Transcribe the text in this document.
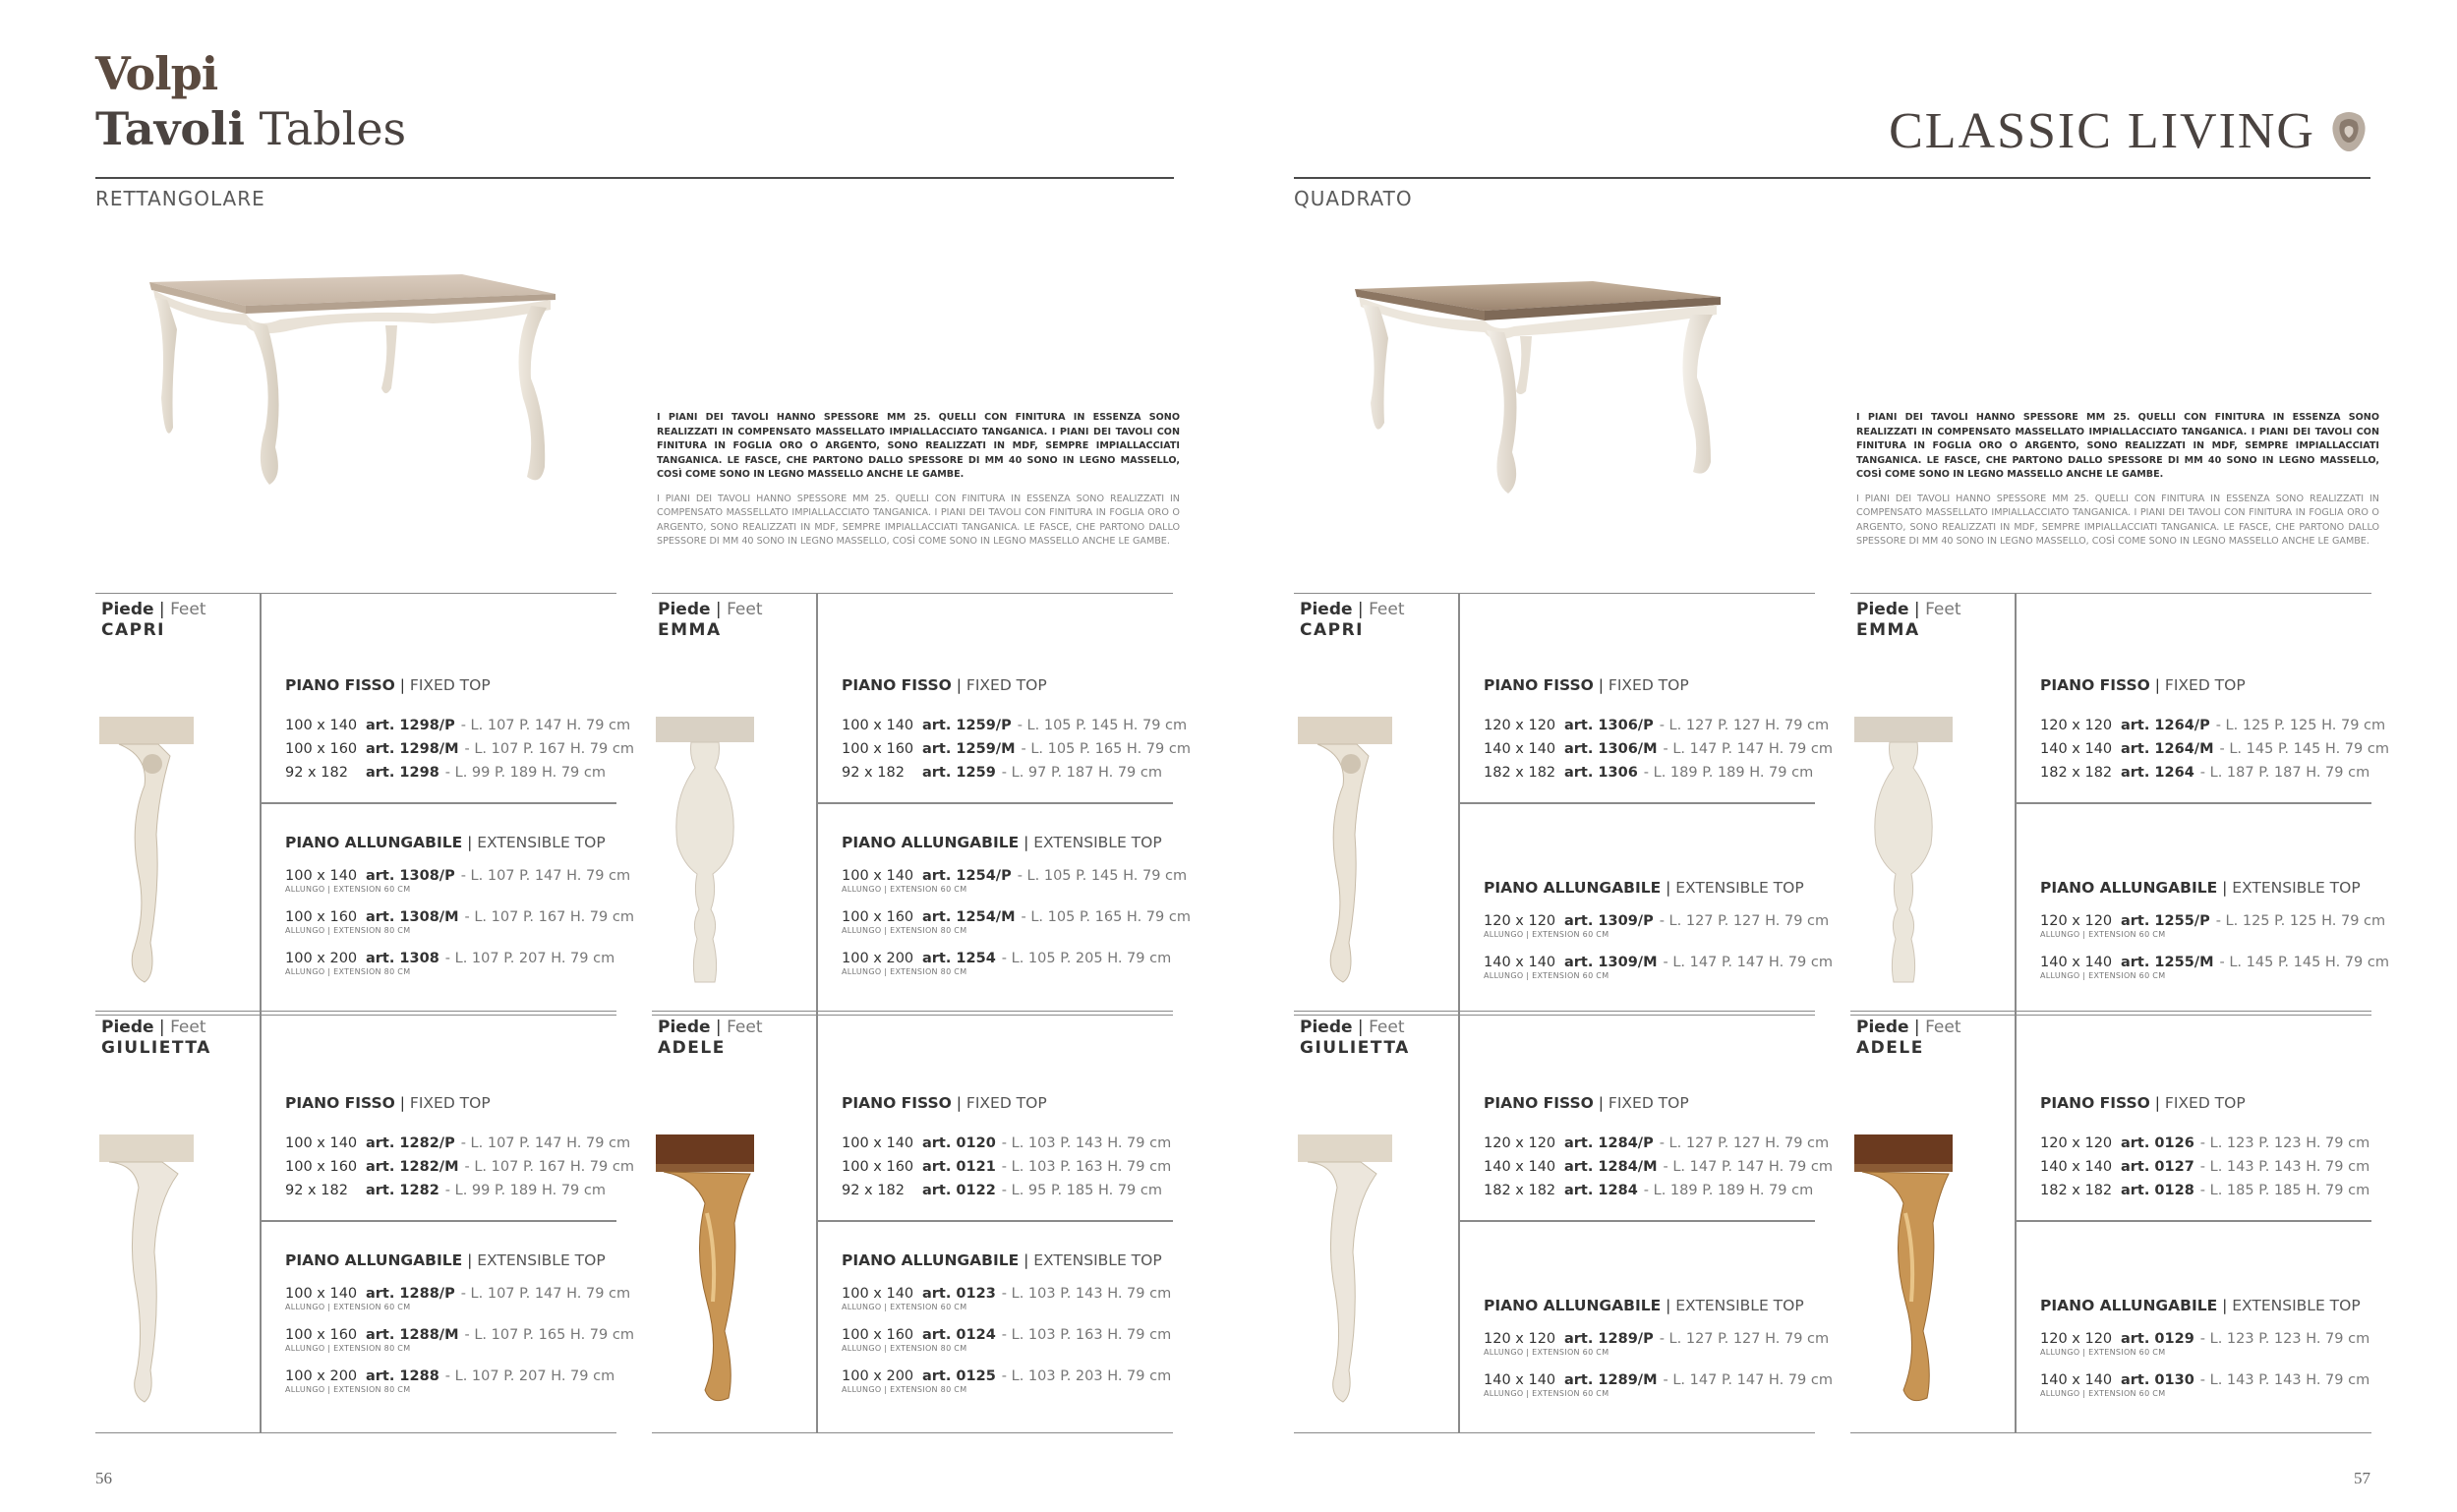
Volpi
Tavoli Tables	CLASSIC LIVING
RETTANGOLARE	QUADRATO

I PIANI DEI TAVOLI HANNO SPESSORE MM 25. QUELLI CON FINITURA IN ESSENZA SONO REALIZZATI IN COMPENSATO MASSELLATO IMPIALLACCIATO TANGANICA. I PIANI DEI TAVOLI CON FINITURA IN FOGLIA ORO O ARGENTO, SONO REALIZZATI IN MDF, SEMPRE IMPIALLACCIATI TANGANICA. LE FASCE, CHE PARTONO DALLO SPESSORE DI MM 40 SONO IN LEGNO MASSELLO, COSÌ COME SONO IN LEGNO MASSELLO ANCHE LE GAMBE.

I PIANI DEI TAVOLI HANNO SPESSORE MM 25. QUELLI CON FINITURA IN ESSENZA SONO REALIZZATI IN COMPENSATO MASSELLATO IMPIALLACCIATO TANGANICA. I PIANI DEI TAVOLI CON FINITURA IN FOGLIA ORO O ARGENTO, SONO REALIZZATI IN MDF, SEMPRE IMPIALLACCIATI TANGANICA. LE FASCE, CHE PARTONO DALLO SPESSORE DI MM 40 SONO IN LEGNO MASSELLO, COSÌ COME SONO IN LEGNO MASSELLO ANCHE LE GAMBE.

I PIANI DEI TAVOLI HANNO SPESSORE MM 25. QUELLI CON FINITURA IN ESSENZA SONO REALIZZATI IN COMPENSATO MASSELLATO IMPIALLACCIATO TANGANICA. I PIANI DEI TAVOLI CON FINITURA IN FOGLIA ORO O ARGENTO, SONO REALIZZATI IN MDF, SEMPRE IMPIALLACCIATI TANGANICA. LE FASCE, CHE PARTONO DALLO SPESSORE DI MM 40 SONO IN LEGNO MASSELLO, COSÌ COME SONO IN LEGNO MASSELLO ANCHE LE GAMBE.

I PIANI DEI TAVOLI HANNO SPESSORE MM 25. QUELLI CON FINITURA IN ESSENZA SONO REALIZZATI IN COMPENSATO MASSELLATO IMPIALLACCIATO TANGANICA. I PIANI DEI TAVOLI CON FINITURA IN FOGLIA ORO O ARGENTO, SONO REALIZZATI IN MDF, SEMPRE IMPIALLACCIATI TANGANICA. LE FASCE, CHE PARTONO DALLO SPESSORE DI MM 40 SONO IN LEGNO MASSELLO, COSÌ COME SONO IN LEGNO MASSELLO ANCHE LE GAMBE.

Piede | Feet
CAPRI
PIANO FISSO | FIXED TOP
100 x 140 art. 1298/P - L. 107 P. 147 H. 79 cm
100 x 160 art. 1298/M - L. 107 P. 167 H. 79 cm
92 x 182 art. 1298 - L. 99 P. 189 H. 79 cm
PIANO ALLUNGABILE | EXTENSIBLE TOP
100 x 140 art. 1308/P - L. 107 P. 147 H. 79 cm
ALLUNGO | EXTENSION 60 CM
100 x 160 art. 1308/M - L. 107 P. 167 H. 79 cm
ALLUNGO | EXTENSION 80 CM
100 x 200 art. 1308 - L. 107 P. 207 H. 79 cm
ALLUNGO | EXTENSION 80 CM
Piede | Feet
EMMA
PIANO FISSO | FIXED TOP
100 x 140 art. 1259/P - L. 105 P. 145 H. 79 cm
100 x 160 art. 1259/M - L. 105 P. 165 H. 79 cm
92 x 182 art. 1259 - L. 97 P. 187 H. 79 cm
PIANO ALLUNGABILE | EXTENSIBLE TOP
100 x 140 art. 1254/P - L. 105 P. 145 H. 79 cm
ALLUNGO | EXTENSION 60 CM
100 x 160 art. 1254/M - L. 105 P. 165 H. 79 cm
ALLUNGO | EXTENSION 80 CM
100 x 200 art. 1254 - L. 105 P. 205 H. 79 cm
ALLUNGO | EXTENSION 80 CM
Piede | Feet
GIULIETTA
PIANO FISSO | FIXED TOP
100 x 140 art. 1282/P - L. 107 P. 147 H. 79 cm
100 x 160 art. 1282/M - L. 107 P. 167 H. 79 cm
92 x 182 art. 1282 - L. 99 P. 189 H. 79 cm
PIANO ALLUNGABILE | EXTENSIBLE TOP
100 x 140 art. 1288/P - L. 107 P. 147 H. 79 cm
ALLUNGO | EXTENSION 60 CM
100 x 160 art. 1288/M - L. 107 P. 165 H. 79 cm
ALLUNGO | EXTENSION 80 CM
100 x 200 art. 1288 - L. 107 P. 207 H. 79 cm
ALLUNGO | EXTENSION 80 CM
Piede | Feet
ADELE
PIANO FISSO | FIXED TOP
100 x 140 art. 0120 - L. 103 P. 143 H. 79 cm
100 x 160 art. 0121 - L. 103 P. 163 H. 79 cm
92 x 182 art. 0122 - L. 95 P. 185 H. 79 cm
PIANO ALLUNGABILE | EXTENSIBLE TOP
100 x 140 art. 0123 - L. 103 P. 143 H. 79 cm
ALLUNGO | EXTENSION 60 CM
100 x 160 art. 0124 - L. 103 P. 163 H. 79 cm
ALLUNGO | EXTENSION 80 CM
100 x 200 art. 0125 - L. 103 P. 203 H. 79 cm
ALLUNGO | EXTENSION 80 CM
Piede | Feet
CAPRI
PIANO FISSO | FIXED TOP
120 x 120 art. 1306/P - L. 127 P. 127 H. 79 cm
140 x 140 art. 1306/M - L. 147 P. 147 H. 79 cm
182 x 182 art. 1306 - L. 189 P. 189 H. 79 cm
PIANO ALLUNGABILE | EXTENSIBLE TOP
120 x 120 art. 1309/P - L. 127 P. 127 H. 79 cm
ALLUNGO | EXTENSION 60 CM
140 x 140 art. 1309/M - L. 147 P. 147 H. 79 cm
ALLUNGO | EXTENSION 60 CM
Piede | Feet
EMMA
PIANO FISSO | FIXED TOP
120 x 120 art. 1264/P - L. 125 P. 125 H. 79 cm
140 x 140 art. 1264/M - L. 145 P. 145 H. 79 cm
182 x 182 art. 1264 - L. 187 P. 187 H. 79 cm
PIANO ALLUNGABILE | EXTENSIBLE TOP
120 x 120 art. 1255/P - L. 125 P. 125 H. 79 cm
ALLUNGO | EXTENSION 60 CM
140 x 140 art. 1255/M - L. 145 P. 145 H. 79 cm
ALLUNGO | EXTENSION 60 CM
Piede | Feet
GIULIETTA
PIANO FISSO | FIXED TOP
120 x 120 art. 1284/P - L. 127 P. 127 H. 79 cm
140 x 140 art. 1284/M - L. 147 P. 147 H. 79 cm
182 x 182 art. 1284 - L. 189 P. 189 H. 79 cm
PIANO ALLUNGABILE | EXTENSIBLE TOP
120 x 120 art. 1289/P - L. 127 P. 127 H. 79 cm
ALLUNGO | EXTENSION 60 CM
140 x 140 art. 1289/M - L. 147 P. 147 H. 79 cm
ALLUNGO | EXTENSION 60 CM
Piede | Feet
ADELE
PIANO FISSO | FIXED TOP
120 x 120 art. 0126 - L. 123 P. 123 H. 79 cm
140 x 140 art. 0127 - L. 143 P. 143 H. 79 cm
182 x 182 art. 0128 - L. 185 P. 185 H. 79 cm
PIANO ALLUNGABILE | EXTENSIBLE TOP
120 x 120 art. 0129 - L. 123 P. 123 H. 79 cm
ALLUNGO | EXTENSION 60 CM
140 x 140 art. 0130 - L. 143 P. 143 H. 79 cm
ALLUNGO | EXTENSION 60 CM
56	57
